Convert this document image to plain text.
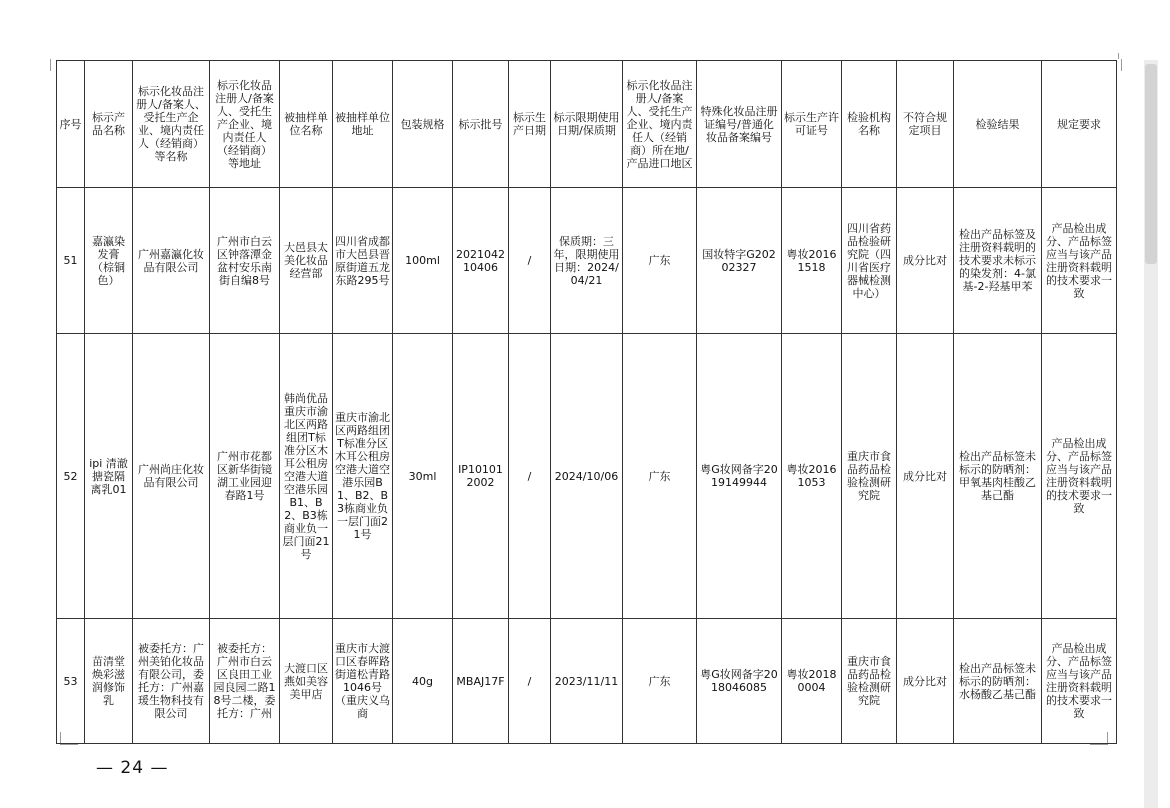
序号	标示产品名称	标示化妆品注册人/备案人、受托生产企业、境内责任人（经销商）等名称	标示化妆品注册人/备案人、受托生产企业、境内责任人（经销商）等地址	被抽样单位名称	被抽样单位地址	包装规格	标示批号	标示生产日期	标示限期使用日期/保质期	标示化妆品注册人/备案人、受托生产企业、境内责任人（经销商）所在地/产品进口地区	特殊化妆品注册证编号/普通化妆品备案编号	标示生产许可证号	检验机构名称	不符合规定项目	检验结果	规定要求
51	嘉瀛染发膏（棕铜色）	广州嘉瀛化妆品有限公司	广州市白云区钟落潭金盆村安乐南街自编8号	大邑县太美化妆品经营部	四川省成都市大邑县晋原街道五龙东路295号	100ml	202104210406	/	保质期：三年，限期使用日期：2024/04/21	广东	国妆特字G20202327	粤妆20161518	四川省药品检验研究院（四川省医疗器械检测中心）	成分比对	检出产品标签及注册资料载明的技术要求未标示的染发剂：4-氯基-2-羟基甲苯	产品检出成分、产品标签应当与该产品注册资料载明的技术要求一致
52	ipi 清澈搪瓷隔离乳01	广州尚庄化妆品有限公司	广州市花都区新华街镜湖工业园迎春路1号	韩尚优品重庆市渝北区两路组团T标准分区木耳公租房空港大道空港乐园B1、B2、B3栋商业负一层门面21号	重庆市渝北区两路组团T标准分区木耳公租房空港大道空港乐园B1、B2、B3栋商业负一层门面21号	30ml	IP101012002	/	2024/10/06	广东	粤G妆网备字2019149944	粤妆20161053	重庆市食品药品检验检测研究院	成分比对	检出产品标签未标示的防晒剂：甲氧基肉桂酸乙基己酯	产品检出成分、产品标签应当与该产品注册资料载明的技术要求一致
53	苗清堂焕彩滋润修饰乳	被委托方：广州美铂化妆品有限公司，委托方：广州嘉瑗生物科技有限公司	被委托方：广州市白云区良田工业园良园二路18号二楼，委托方：广州	大渡口区燕如美容美甲店	重庆市大渡口区春晖路街道松青路1046号（重庆义乌商	40g	MBAJ17F	/	2023/11/11	广东	粤G妆网备字2018046085	粤妆20180004	重庆市食品药品检验检测研究院	成分比对	检出产品标签未标示的防晒剂：水杨酸乙基己酯	产品检出成分、产品标签应当与该产品注册资料载明的技术要求一致
— 24 —
